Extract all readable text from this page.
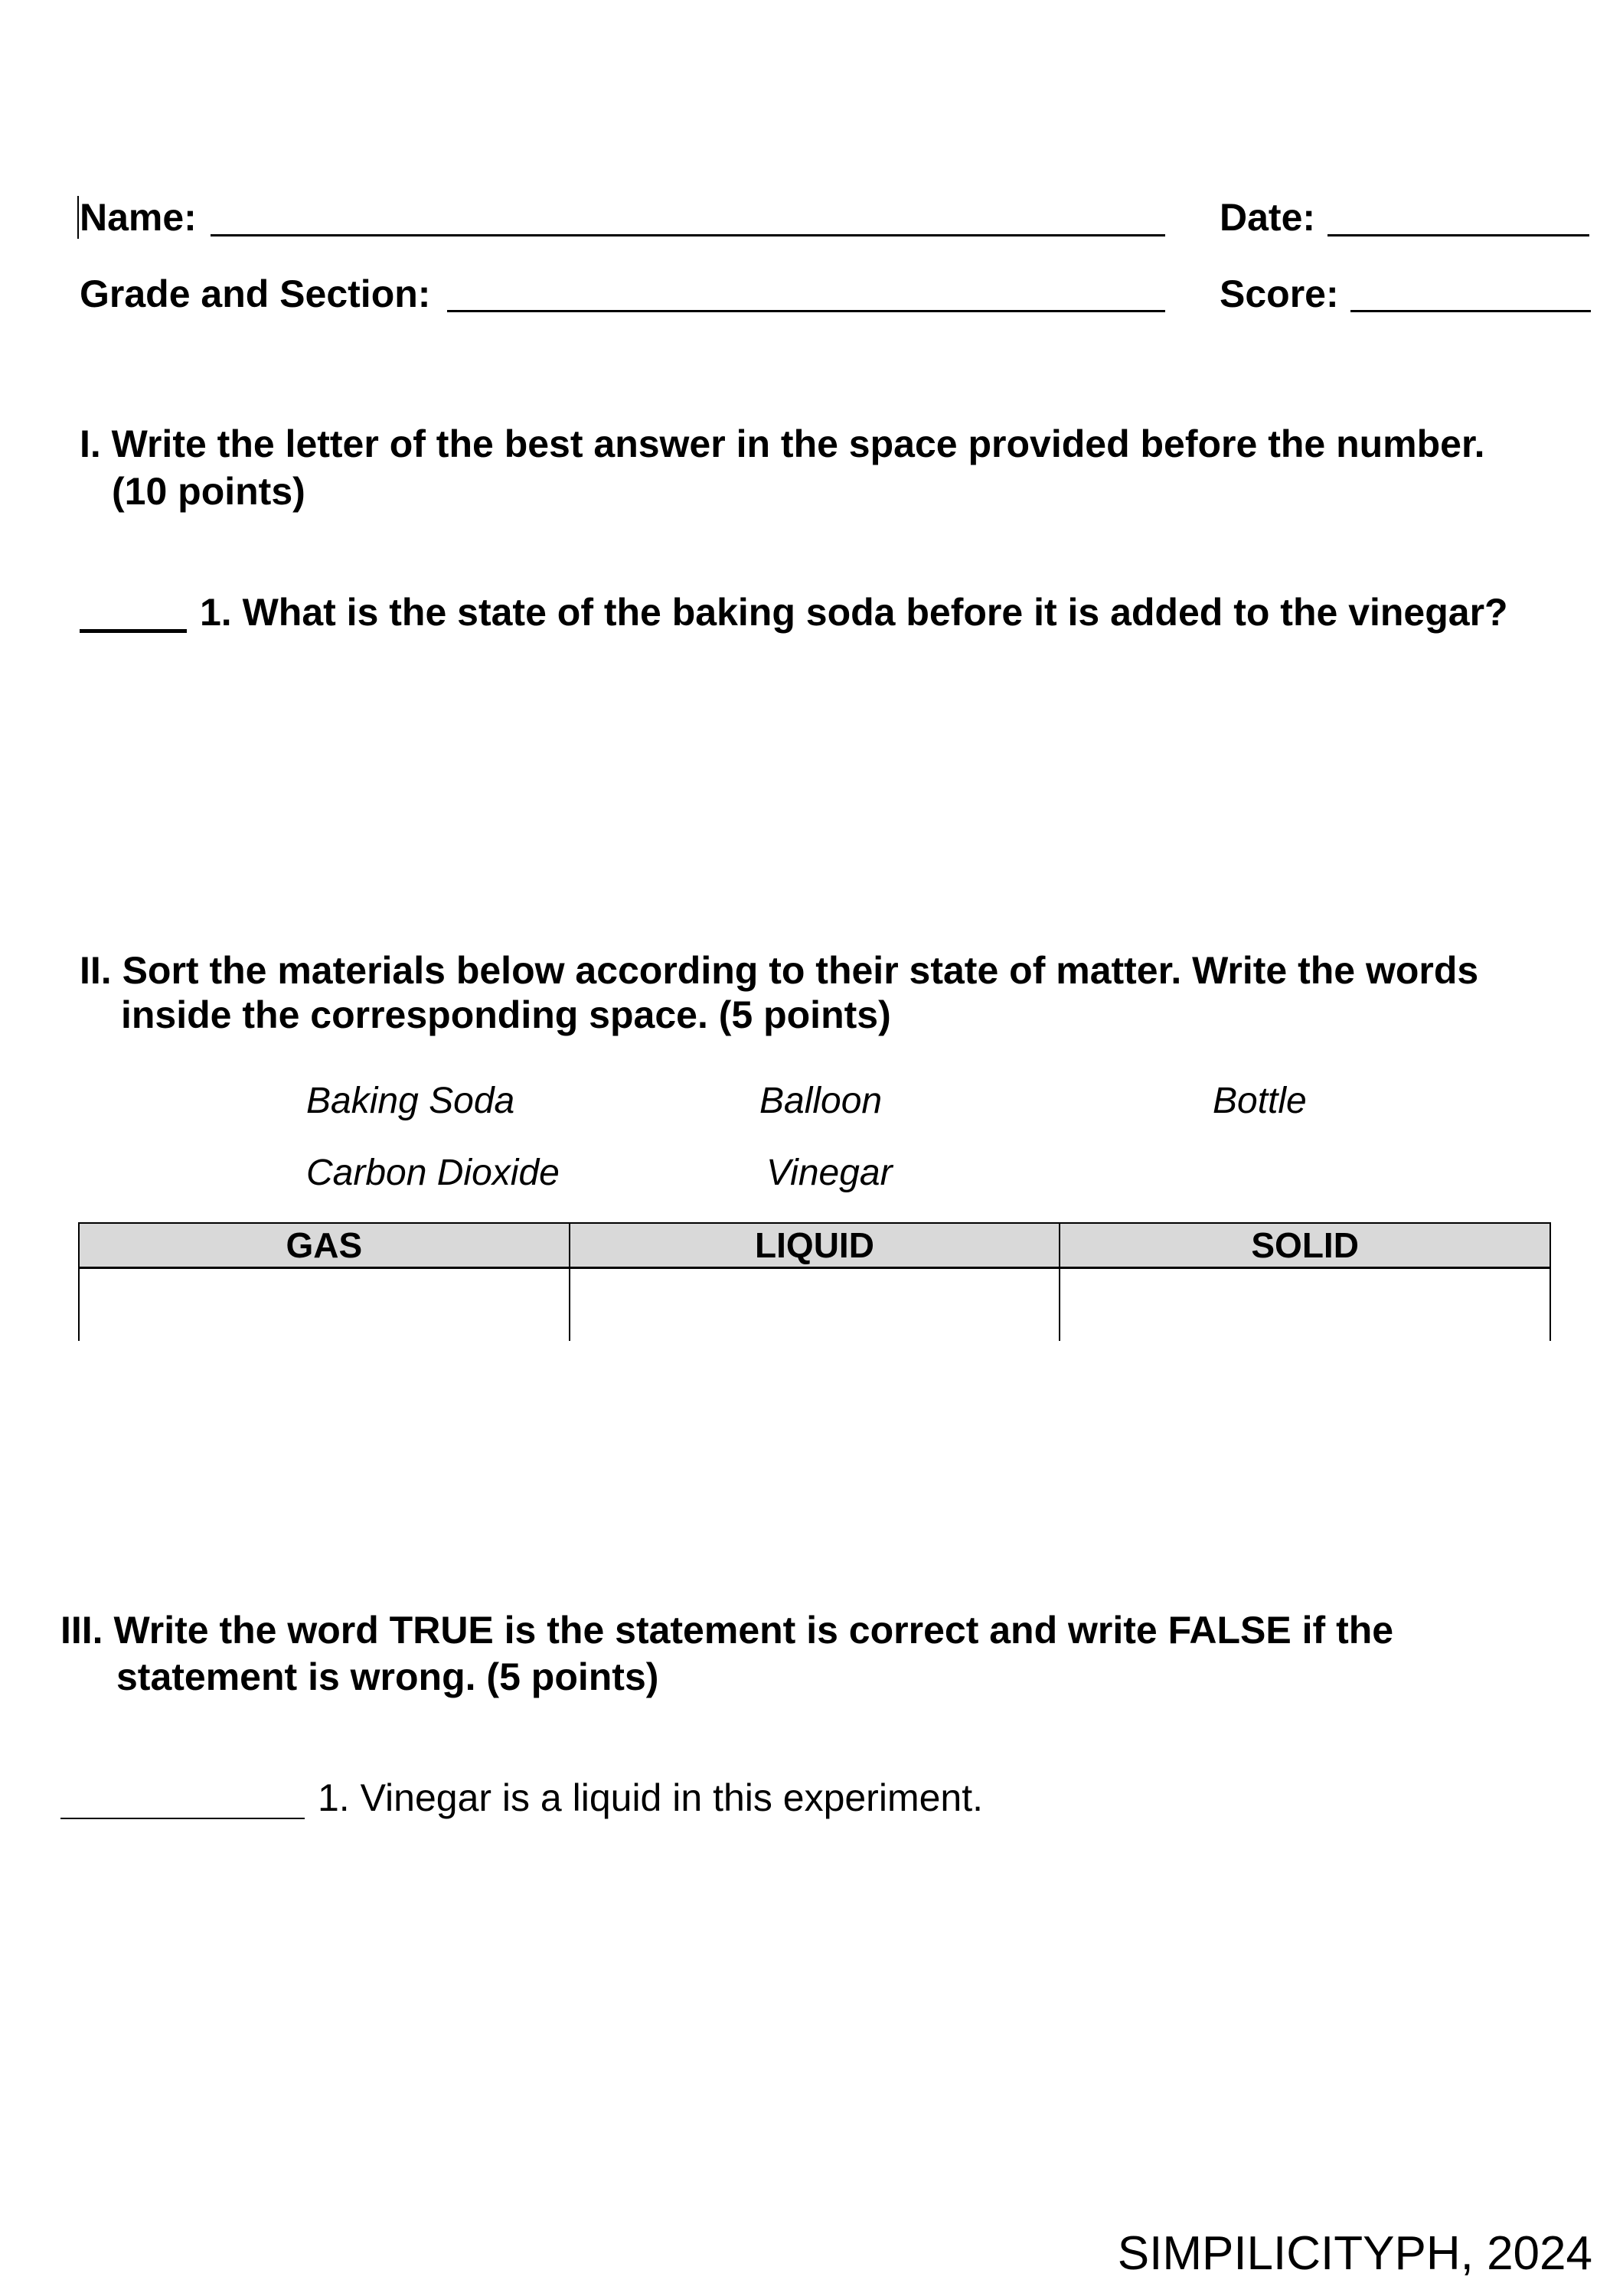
Name:	Date:
Grade and Section:	Score:
I. Write the letter of the best answer in the space provided before the number.
(10 points)
1. What is the state of the baking soda before it is added to the vinegar?
II. Sort the materials below according to their state of matter. Write the words
inside the corresponding space. (5 points)
Baking Soda	Balloon	Bottle
Carbon Dioxide	Vinegar
GAS	LIQUID	SOLID

III. Write the word TRUE is the statement is correct and write FALSE if the
statement is wrong. (5 points)
1. Vinegar is a liquid in this experiment.
SIMPILICITYPH, 2024
